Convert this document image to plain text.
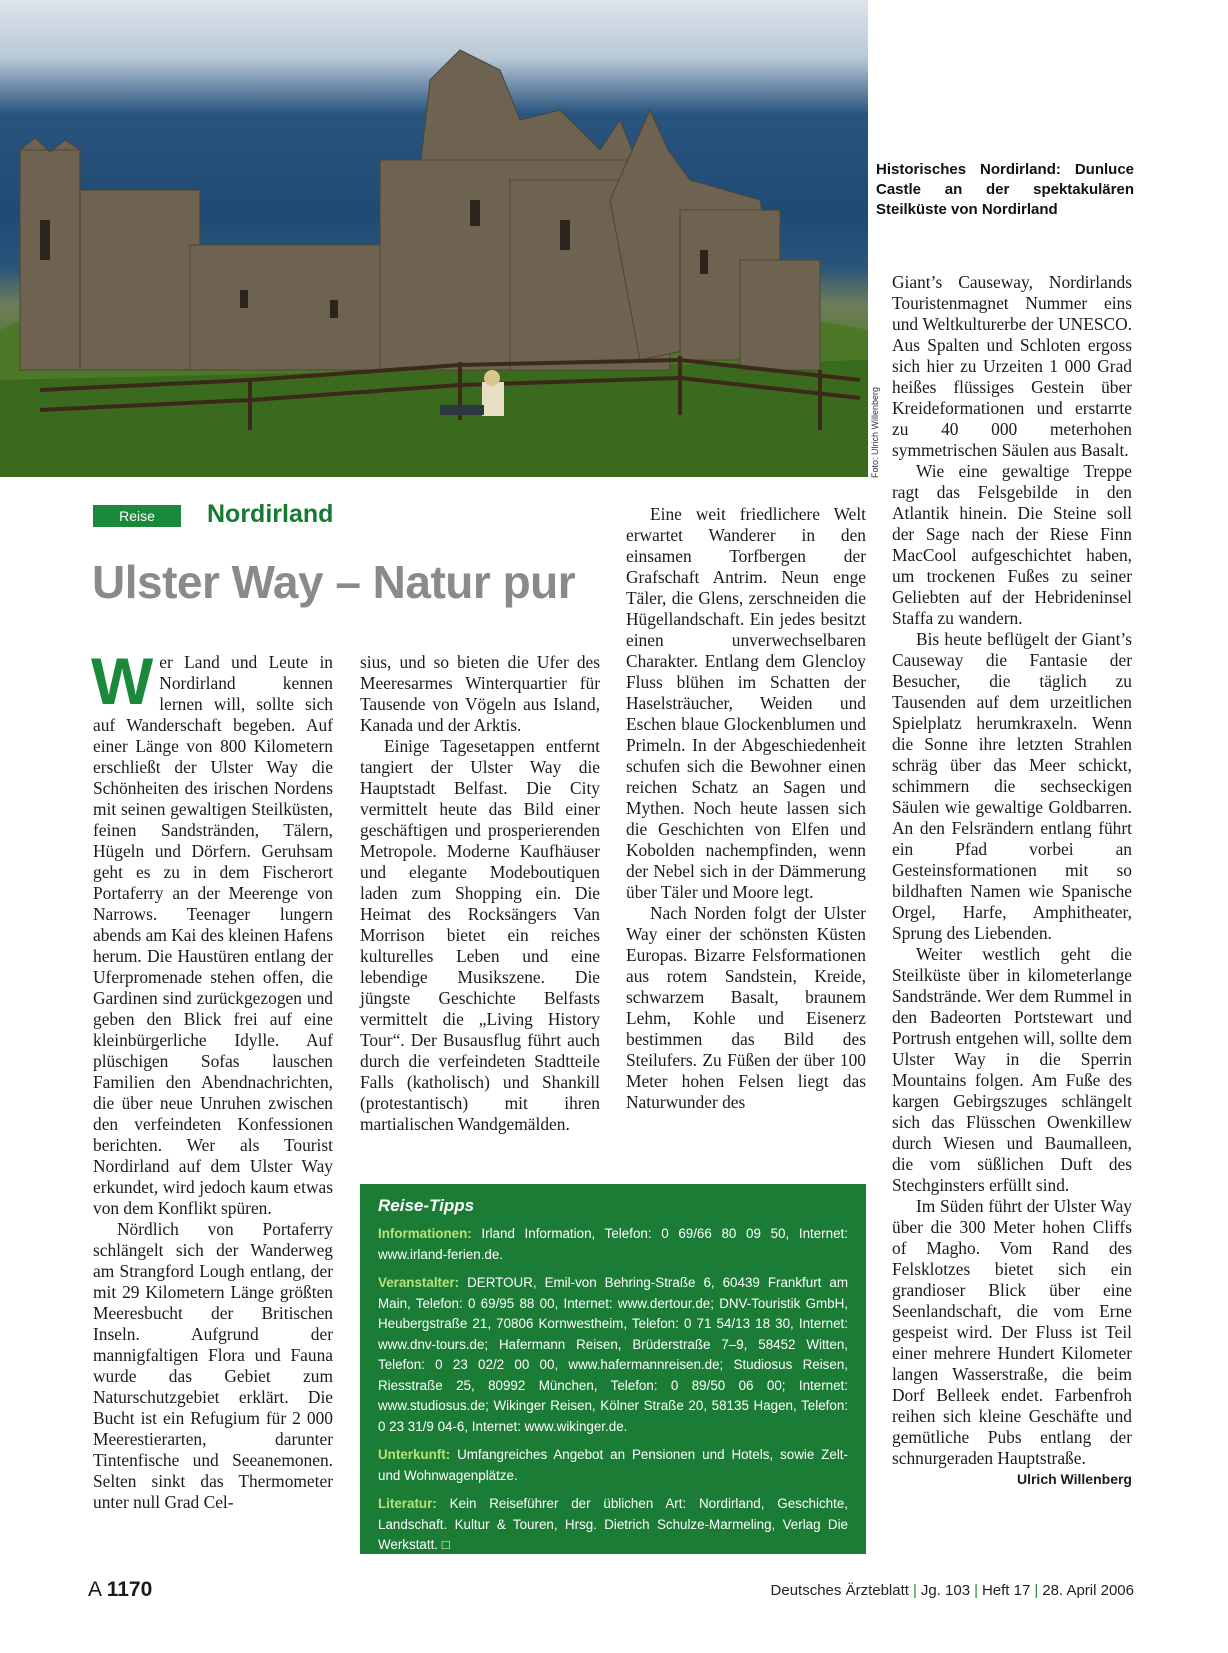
Foto: Ulrich Willenberg
Historisches Nordirland: Dunluce Castle an der spektakulären Steilküste von Nordirland
Reise	Nordirland
Ulster Way – Natur pur

Wer Land und Leute in Nordirland kennen lernen will, sollte sich auf Wanderschaft begeben. Auf einer Länge von 800 Kilometern erschließt der Ulster Way die Schönheiten des irischen Nordens mit seinen gewaltigen Steilküsten, feinen Sandstränden, Tälern, Hügeln und Dörfern. Geruhsam geht es zu in dem Fischerort Portaferry an der Meerenge von Narrows. Teenager lungern abends am Kai des kleinen Hafens herum. Die Haustüren entlang der Uferpromenade stehen offen, die Gardinen sind zurückgezogen und geben den Blick frei auf eine kleinbürgerliche Idylle. Auf plüschigen Sofas lauschen Familien den Abendnachrichten, die über neue Unruhen zwischen den verfeindeten Konfessionen berichten. Wer als Tourist Nordirland auf dem Ulster Way erkundet, wird jedoch kaum etwas von dem Konflikt spüren.

Nördlich von Portaferry schlängelt sich der Wanderweg am Strangford Lough entlang, der mit 29 Kilometern Länge größten Meeresbucht der Britischen Inseln. Aufgrund der mannigfaltigen Flora und Fauna wurde das Gebiet zum Naturschutzgebiet erklärt. Die Bucht ist ein Refugium für 2 000 Meerestierarten, darunter Tintenfische und Seeanemonen. Selten sinkt das Thermometer unter null Grad Cel-

sius, und so bieten die Ufer des Meeresarmes Winterquartier für Tausende von Vögeln aus Island, Kanada und der Arktis.

Einige Tagesetappen entfernt tangiert der Ulster Way die Hauptstadt Belfast. Die City vermittelt heute das Bild einer geschäftigen und prosperierenden Metropole. Moderne Kaufhäuser und elegante Modeboutiquen laden zum Shopping ein. Die Heimat des Rocksängers Van Morrison bietet ein reiches kulturelles Leben und eine lebendige Musikszene. Die jüngste Geschichte Belfasts vermittelt die „Living History Tour“. Der Busausflug führt auch durch die verfeindeten Stadtteile Falls (katholisch) und Shankill (protestantisch) mit ihren martialischen Wandgemälden.

Eine weit friedlichere Welt erwartet Wanderer in den einsamen Torfbergen der Grafschaft Antrim. Neun enge Täler, die Glens, zerschneiden die Hügellandschaft. Ein jedes besitzt einen unverwechselbaren Charakter. Entlang dem Glencloy Fluss blühen im Schatten der Haselsträucher, Weiden und Eschen blaue Glockenblumen und Primeln. In der Abgeschiedenheit schufen sich die Bewohner einen reichen Schatz an Sagen und Mythen. Noch heute lassen sich die Geschichten von Elfen und Kobolden nachempfinden, wenn der Nebel sich in der Dämmerung über Täler und Moore legt.

Nach Norden folgt der Ulster Way einer der schönsten Küsten Europas. Bizarre Felsformationen aus rotem Sandstein, Kreide, schwarzem Basalt, braunem Lehm, Kohle und Eisenerz bestimmen das Bild des Steilufers. Zu Füßen der über 100 Meter hohen Felsen liegt das Naturwunder des

Giant’s Causeway, Nordirlands Touristenmagnet Nummer eins und Weltkulturerbe der UNESCO. Aus Spalten und Schloten ergoss sich hier zu Urzeiten 1 000 Grad heißes flüssiges Gestein über Kreideformationen und erstarrte zu 40 000 meterhohen symmetrischen Säulen aus Basalt.

Wie eine gewaltige Treppe ragt das Felsgebilde in den Atlantik hinein. Die Steine soll der Sage nach der Riese Finn MacCool aufgeschichtet haben, um trockenen Fußes zu seiner Geliebten auf der Hebrideninsel Staffa zu wandern.

Bis heute beflügelt der Giant’s Causeway die Fantasie der Besucher, die täglich zu Tausenden auf dem urzeitlichen Spielplatz herumkraxeln. Wenn die Sonne ihre letzten Strahlen schräg über das Meer schickt, schimmern die sechseckigen Säulen wie gewaltige Goldbarren. An den Felsrändern entlang führt ein Pfad vorbei an Gesteinsformationen mit so bildhaften Namen wie Spanische Orgel, Harfe, Amphitheater, Sprung des Liebenden.

Weiter westlich geht die Steilküste über in kilometerlange Sandstrände. Wer dem Rummel in den Badeorten Portstewart und Portrush entgehen will, sollte dem Ulster Way in die Sperrin Mountains folgen. Am Fuße des kargen Gebirgszuges schlängelt sich das Flüsschen Owenkillew durch Wiesen und Baumalleen, die vom süßlichen Duft des Stechginsters erfüllt sind.

Im Süden führt der Ulster Way über die 300 Meter hohen Cliffs of Magho. Vom Rand des Felsklotzes bietet sich ein grandioser Blick über eine Seenlandschaft, die vom Erne gespeist wird. Der Fluss ist Teil einer mehrere Hundert Kilometer langen Wasserstraße, die beim Dorf Belleek endet. Farbenfroh reihen sich kleine Geschäfte und gemütliche Pubs entlang der schnurgeraden Hauptstraße.
Ulrich Willenberg

Reise-Tipps
Informationen: Irland Information, Telefon: 0 69/66 80 09 50, Internet: www.irland-ferien.de.
Veranstalter: DERTOUR, Emil-von Behring-Straße 6, 60439 Frankfurt am Main, Telefon: 0 69/95 88 00, Internet: www.dertour.de; DNV-Touristik GmbH, Heubergstraße 21, 70806 Kornwestheim, Telefon: 0 71 54/13 18 30, Internet: www.dnv-tours.de; Hafermann Reisen, Brüderstraße 7–9, 58452 Witten, Telefon: 0 23 02/2 00 00, www.hafermannreisen.de; Studiosus Reisen, Riesstraße 25, 80992 München, Telefon: 0 89/50 06 00; Internet: www.studiosus.de; Wikinger Reisen, Kölner Straße 20, 58135 Hagen, Telefon: 0 23 31/9 04-6, Internet: www.wikinger.de.
Unterkunft: Umfangreiches Angebot an Pensionen und Hotels, sowie Zelt- und Wohnwagenplätze.
Literatur: Kein Reiseführer der üblichen Art: Nordirland, Geschichte, Landschaft. Kultur & Touren, Hrsg. Dietrich Schulze-Marmeling, Verlag Die Werkstatt. □
A 1170	Deutsches Ärzteblatt | Jg. 103 | Heft 17 | 28. April 2006
